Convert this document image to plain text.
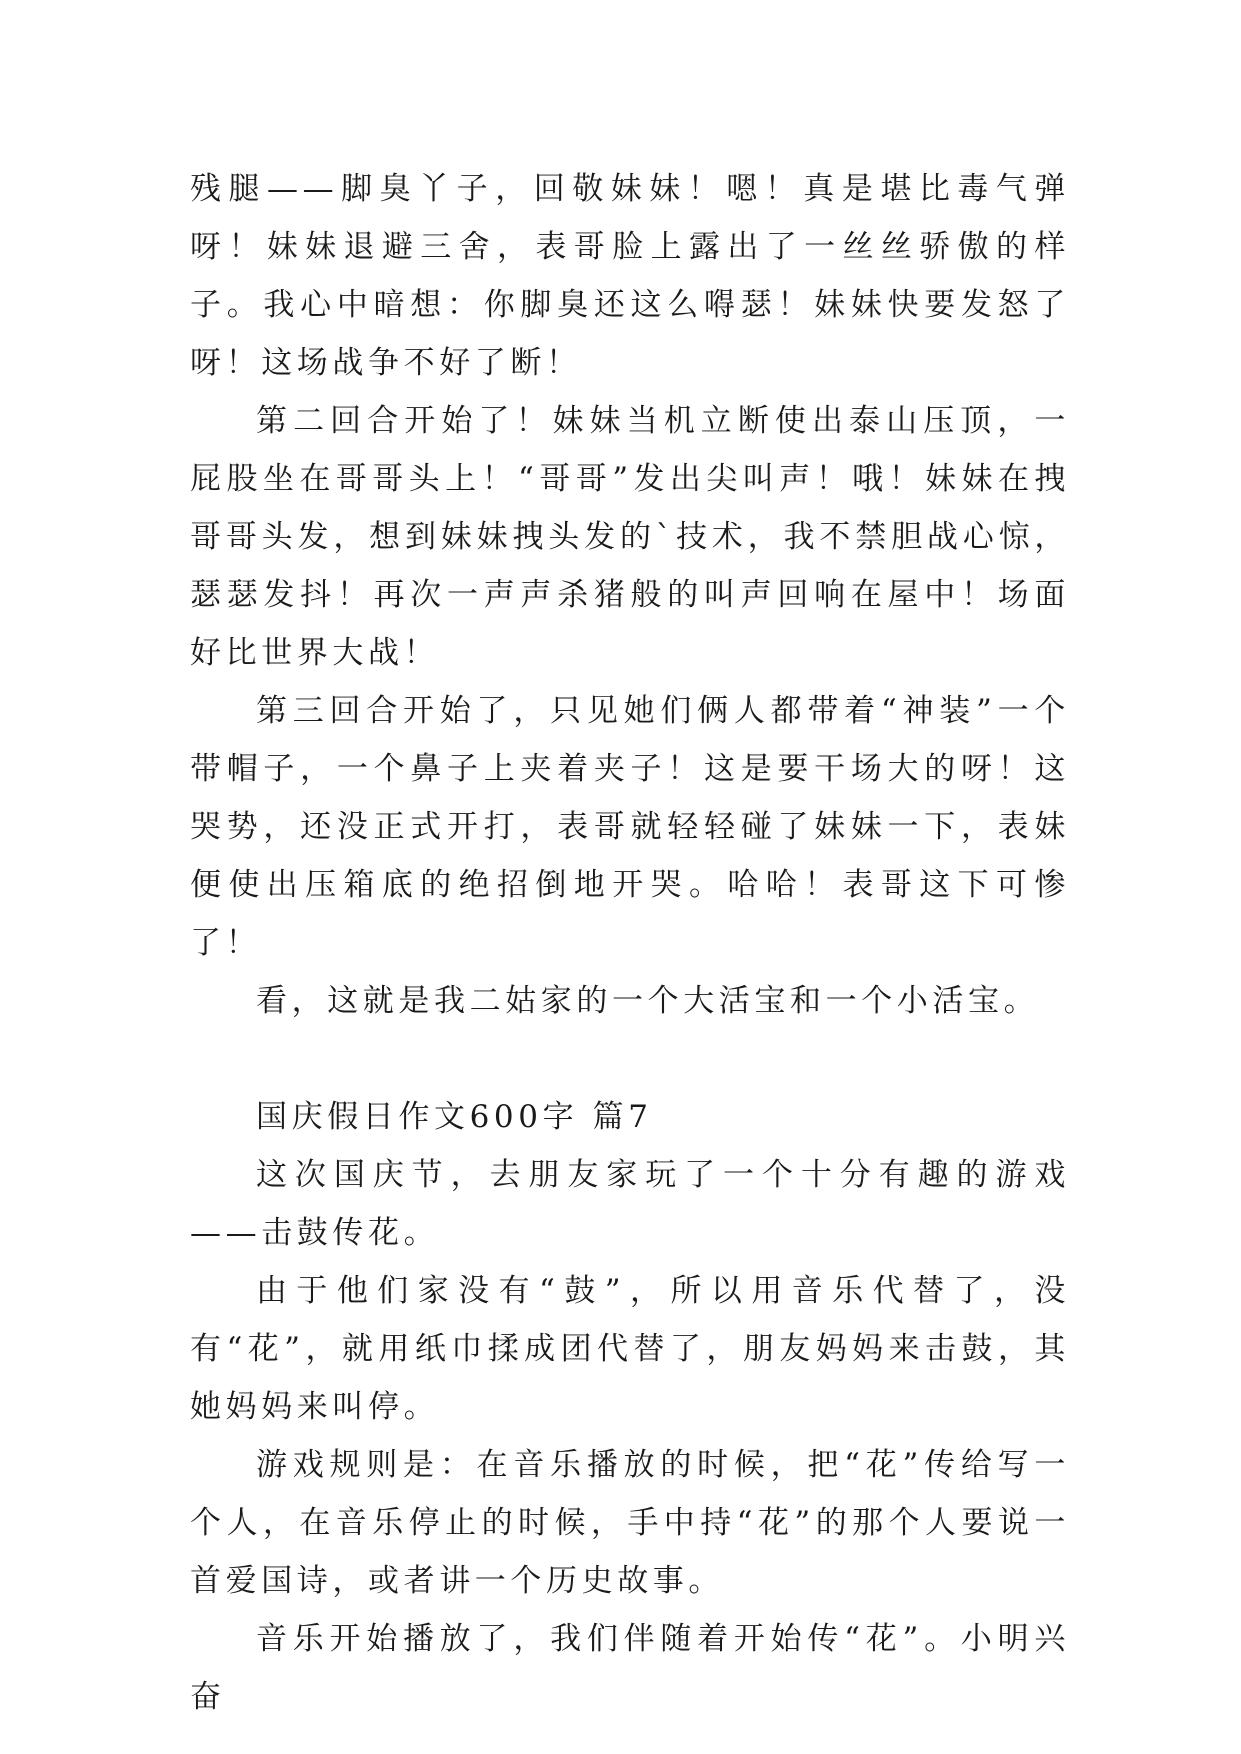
残腿——脚臭丫子，回敬妹妹！嗯！真是堪比毒气弹呀！妹妹退避三舍，表哥脸上露出了一丝丝骄傲的样子。我心中暗想：你脚臭还这么嘚瑟！妹妹快要发怒了呀！这场战争不好了断！

第二回合开始了！妹妹当机立断使出泰山压顶，一屁股坐在哥哥头上！“哥哥”发出尖叫声！哦！妹妹在拽哥哥头发，想到妹妹拽头发的`技术，我不禁胆战心惊，瑟瑟发抖！再次一声声杀猪般的叫声回响在屋中！场面好比世界大战！

第三回合开始了，只见她们俩人都带着“神装”一个带帽子，一个鼻子上夹着夹子！这是要干场大的呀！这哭势，还没正式开打，表哥就轻轻碰了妹妹一下，表妹便使出压箱底的绝招倒地开哭。哈哈！表哥这下可惨了！

看，这就是我二姑家的一个大活宝和一个小活宝。

国庆假日作文600字 篇7

这次国庆节，去朋友家玩了一个十分有趣的游戏——击鼓传花。

由于他们家没有“鼓”，所以用音乐代替了，没有“花”，就用纸巾揉成团代替了，朋友妈妈来击鼓，其她妈妈来叫停。

游戏规则是：在音乐播放的时候，把“花”传给写一个人，在音乐停止的时候，手中持“花”的那个人要说一首爱国诗，或者讲一个历史故事。

音乐开始播放了，我们伴随着开始传“花”。小明兴奋
